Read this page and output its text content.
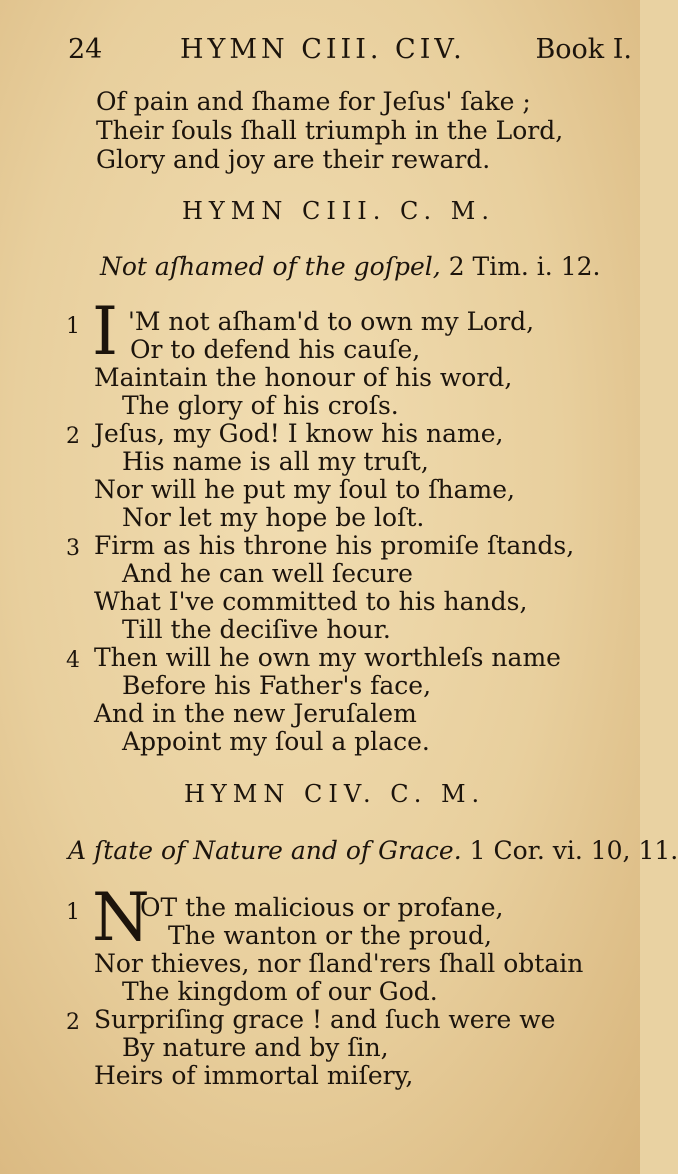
24	HYMN CIII. CIV.	Book I.
Of pain and ſhame for Jeſus' ſake ;
Their ſouls ſhall triumph in the Lord,
Glory and joy are their reward.
HYMN CIII. C. M.
Not aſhamed of the goſpel, 2 Tim. i. 12.
1 I 'M not aſham'd to own my Lord,
Or to defend his cauſe,
Maintain the honour of his word,
The glory of his croſs.
2 Jeſus, my God! I know his name,
His name is all my truſt,
Nor will he put my ſoul to ſhame,
Nor let my hope be loſt.
3 Firm as his throne his promiſe ſtands,
And he can well ſecure
What I've committed to his hands,
Till the deciſive hour.
4 Then will he own my worthleſs name
Before his Father's face,
And in the new Jeruſalem
Appoint my ſoul a place.
HYMN CIV. C. M.
A ſtate of Nature and of Grace. 1 Cor. vi. 10, 11.
1 N
OT the malicious or profane,
The wanton or the proud,
Nor thieves, nor ſland'rers ſhall obtain
The kingdom of our God.
2 Surpriſing grace ! and ſuch were we
By nature and by ſin,
Heirs of immortal miſery,
